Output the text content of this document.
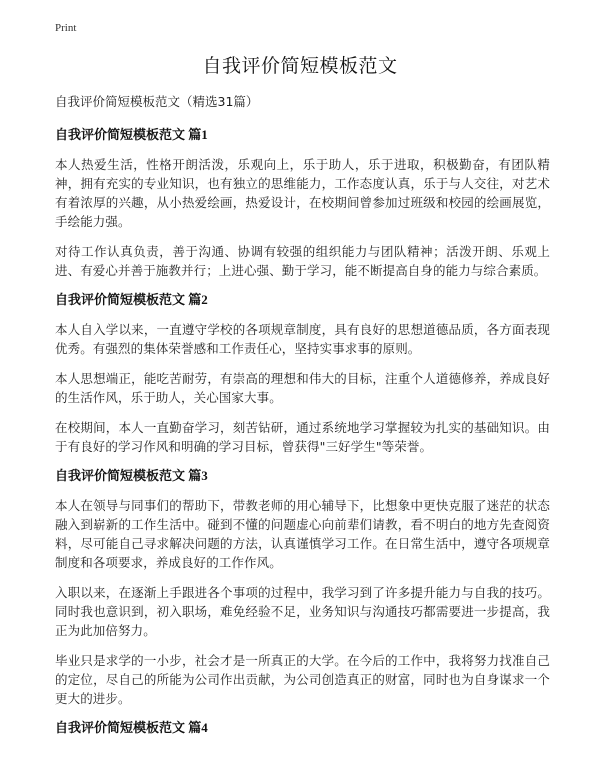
Print
自我评价简短模板范文

自我评价简短模板范文（精选31篇）

自我评价简短模板范文 篇1

本人热爱生活，性格开朗活泼，乐观向上，乐于助人，乐于进取，积极勤奋，有团队精神，拥有充实的专业知识，也有独立的思维能力，工作态度认真，乐于与人交往，对艺术有着浓厚的兴趣，从小热爱绘画，热爱设计，在校期间曾参加过班级和校园的绘画展览，手绘能力强。

对待工作认真负责，善于沟通、协调有较强的组织能力与团队精神；活泼开朗、乐观上进、有爱心并善于施教并行；上进心强、勤于学习，能不断提高自身的能力与综合素质。

自我评价简短模板范文 篇2

本人自入学以来，一直遵守学校的各项规章制度，具有良好的思想道德品质，各方面表现优秀。有强烈的集体荣誉感和工作责任心，坚持实事求事的原则。

本人思想端正，能吃苦耐劳，有崇高的理想和伟大的目标，注重个人道德修养，养成良好的生活作风，乐于助人，关心国家大事。

在校期间，本人一直勤奋学习，刻苦钻研，通过系统地学习掌握较为扎实的基础知识。由于有良好的学习作风和明确的学习目标，曾获得"三好学生"等荣誉。

自我评价简短模板范文 篇3

本人在领导与同事们的帮助下，带教老师的用心辅导下，比想象中更快克服了迷茫的状态融入到崭新的工作生活中。碰到不懂的问题虚心向前辈们请教，看不明白的地方先查阅资料，尽可能自己寻求解决问题的方法，认真谨慎学习工作。在日常生活中，遵守各项规章制度和各项要求，养成良好的工作作风。

入职以来，在逐渐上手跟进各个事项的过程中，我学习到了许多提升能力与自我的技巧。同时我也意识到，初入职场，难免经验不足，业务知识与沟通技巧都需要进一步提高，我正为此加倍努力。

毕业只是求学的一小步，社会才是一所真正的大学。在今后的工作中，我将努力找准自己的定位，尽自己的所能为公司作出贡献，为公司创造真正的财富，同时也为自身谋求一个更大的进步。

自我评价简短模板范文 篇4
